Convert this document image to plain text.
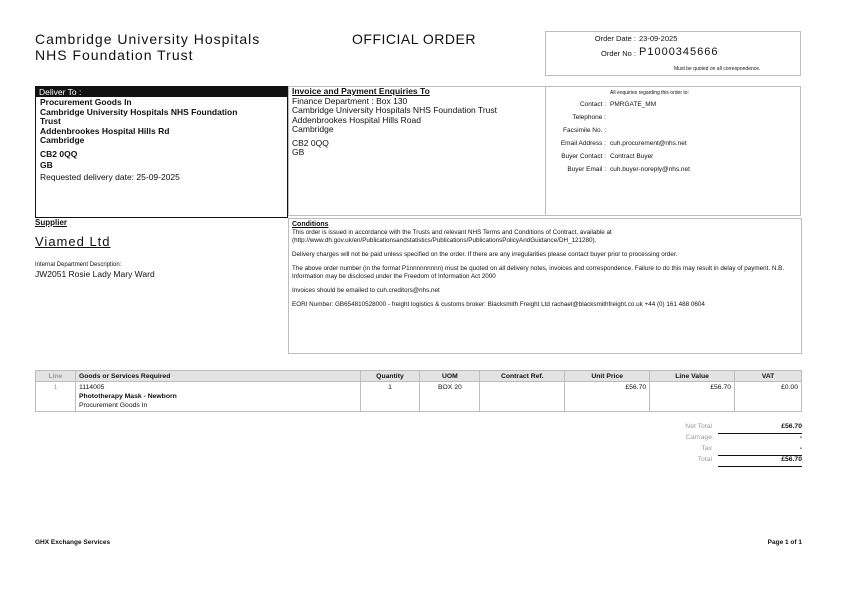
Cambridge University Hospitals
NHS Foundation Trust
OFFICIAL ORDER	Order Date : 23-09-2025
Order No : P1000345666
Must be quoted on all correspondence.
Deliver To :
Procurement Goods In
Cambridge University Hospitals NHS Foundation
Trust
Addenbrookes Hospital Hills Rd
Cambridge
CB2 0QQ
GB
Requested delivery date: 25-09-2025
Invoice and Payment Enquiries To
Finance Department : Box 130
Cambridge University Hospitals NHS Foundation Trust
Addenbrookes Hospital Hills Road
Cambridge
CB2 0QQ
GB
All enquiries regarding this order to:
Contact : PMRGATE_MM
Telephone :
Facsimile No. :
Email Address : cuh.procurement@nhs.net
Buyer Contact : Contract Buyer
Buyer Email : cuh.buyer-noreply@nhs.net
Supplier
Viamed Ltd
Internal Department Description:
JW2051 Rosie Lady Mary Ward
Conditions

This order is issued in accordance with the Trusts and relevant NHS Terms and Conditions of Contract, available at (http://www.dh.gov.uk/en/Publicationsandstatistics/Publications/PublicationsPolicyAndGuidance/DH_121280).

Delivery charges will not be paid unless specified on the order. If there are any irregularities please contact buyer prior to processing order.

The above order number (in the format P1nnnnnnnnn) must be quoted on all delivery notes, invoices and correspondence. Failure to do this may result in delay of payment. N.B. Information may be disclosed under the Freedom of Information Act 2000

Invoices should be emailed to cuh.creditors@nhs.net

EORI Number: GB654810528000 - freight logistics & customs broker: Blacksmith Freight Ltd rachael@blacksmithfreight.co.uk +44 (0) 161 488 0604

Line	Goods or Services Required	Quantity	UOM	Contract Ref.	Unit Price	Line Value	VAT
1	1114005
Phototherapy Mask - Newborn
Procurement Goods In	1	BOX 20		£56.70	£56.70	£0.00
Net Total	£56.70
Carriage	-
Tax	-
Total	£56.70
GHX Exchange Services	Page 1 of 1
